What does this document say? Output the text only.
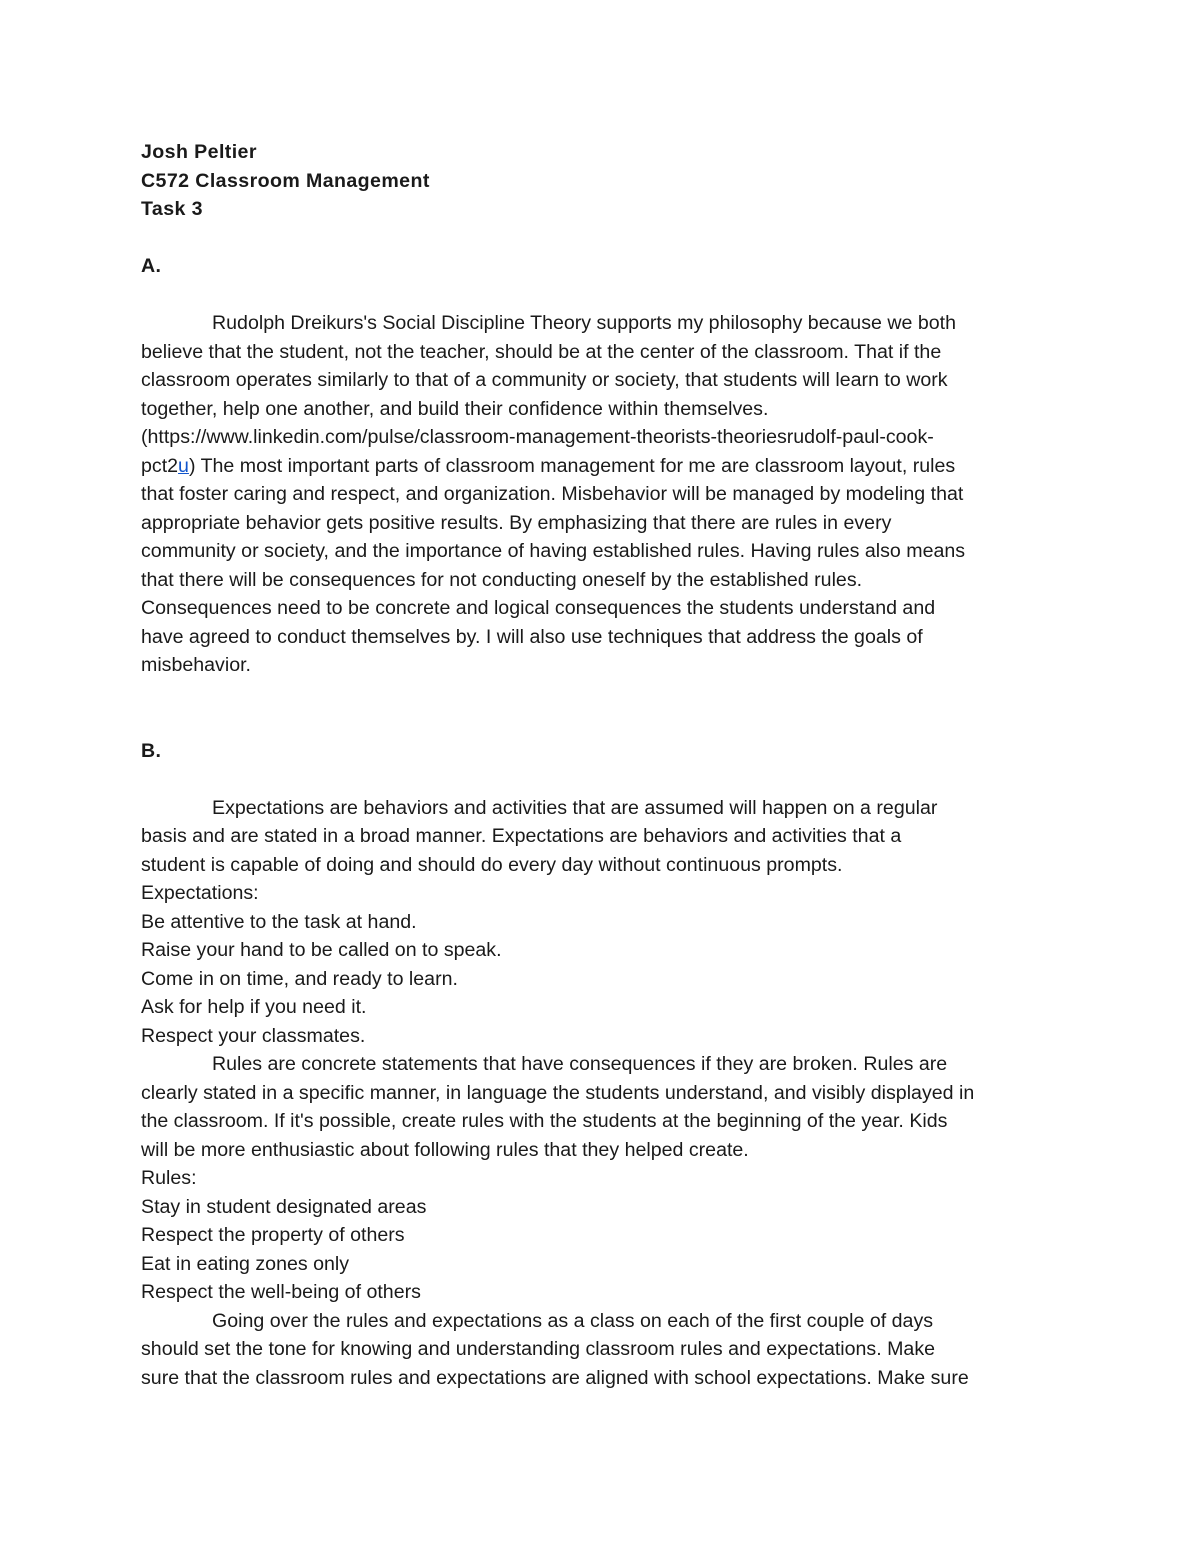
Josh Peltier
C572 Classroom Management
Task 3
A.
Rudolph Dreikurs's Social Discipline Theory supports my philosophy because we both
believe that the student, not the teacher, should be at the center of the classroom. That if the
classroom operates similarly to that of a community or society, that students will learn to work
together, help one another, and build their confidence within themselves.
(https://www.linkedin.com/pulse/classroom-management-theorists-theoriesrudolf-paul-cook-
pct2u) The most important parts of classroom management for me are classroom layout, rules
that foster caring and respect, and organization. Misbehavior will be managed by modeling that
appropriate behavior gets positive results. By emphasizing that there are rules in every
community or society, and the importance of having established rules. Having rules also means
that there will be consequences for not conducting oneself by the established rules.
Consequences need to be concrete and logical consequences the students understand and
have agreed to conduct themselves by. I will also use techniques that address the goals of
misbehavior.
B.
Expectations are behaviors and activities that are assumed will happen on a regular
basis and are stated in a broad manner. Expectations are behaviors and activities that a
student is capable of doing and should do every day without continuous prompts.
Expectations:
Be attentive to the task at hand.
Raise your hand to be called on to speak.
Come in on time, and ready to learn.
Ask for help if you need it.
Respect your classmates.
Rules are concrete statements that have consequences if they are broken. Rules are
clearly stated in a specific manner, in language the students understand, and visibly displayed in
the classroom. If it's possible, create rules with the students at the beginning of the year. Kids
will be more enthusiastic about following rules that they helped create.
Rules:
Stay in student designated areas
Respect the property of others
Eat in eating zones only
Respect the well-being of others
Going over the rules and expectations as a class on each of the first couple of days
should set the tone for knowing and understanding classroom rules and expectations. Make
sure that the classroom rules and expectations are aligned with school expectations. Make sure
